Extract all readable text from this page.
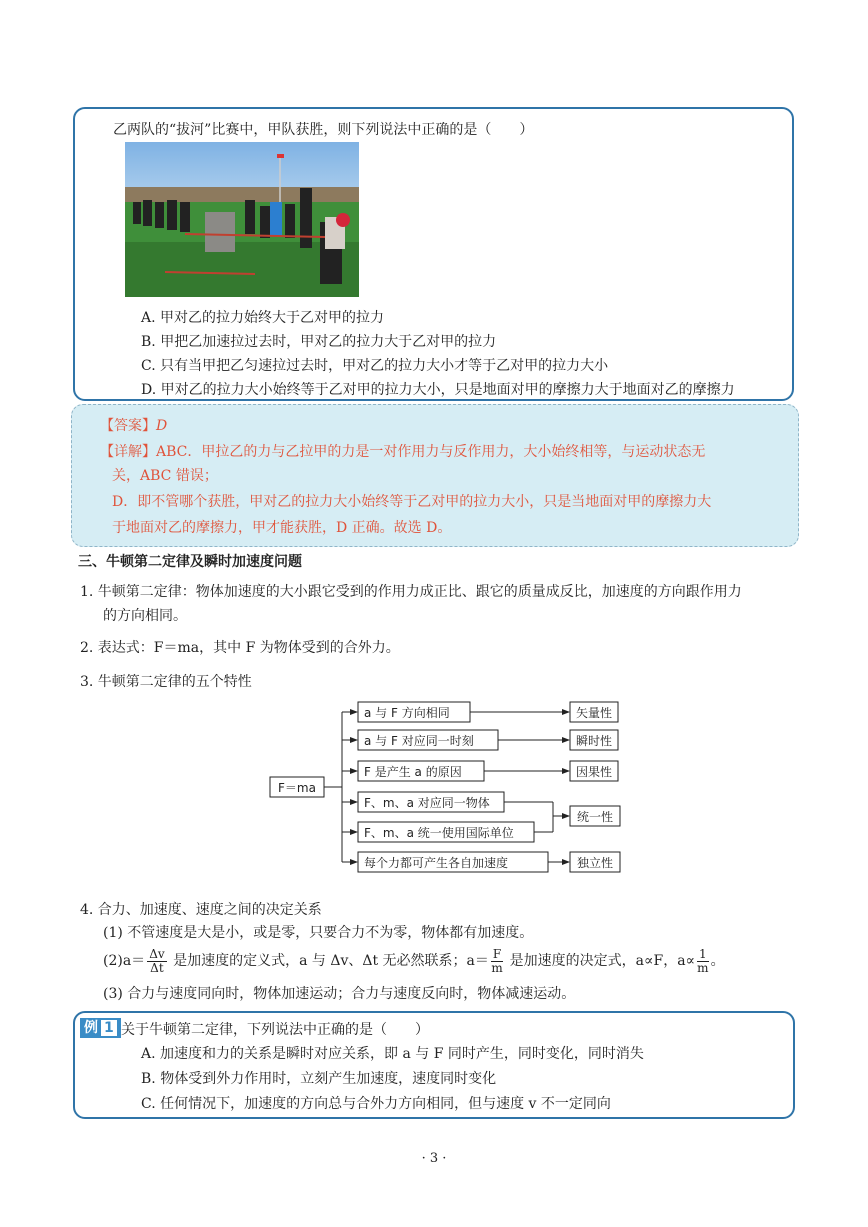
乙两队的“拔河”比赛中，甲队获胜，则下列说法中正确的是（　　）
A. 甲对乙的拉力始终大于乙对甲的拉力
B. 甲把乙加速拉过去时，甲对乙的拉力大于乙对甲的拉力
C. 只有当甲把乙匀速拉过去时，甲对乙的拉力大小才等于乙对甲的拉力大小
D. 甲对乙的拉力大小始终等于乙对甲的拉力大小，只是地面对甲的摩擦力大于地面对乙的摩擦力
【答案】D
【详解】ABC．甲拉乙的力与乙拉甲的力是一对作用力与反作用力，大小始终相等，与运动状态无
关，ABC 错误；
D．即不管哪个获胜，甲对乙的拉力大小始终等于乙对甲的拉力大小，只是当地面对甲的摩擦力大
于地面对乙的摩擦力，甲才能获胜，D 正确。故选 D。
三、牛顿第二定律及瞬时加速度问题
1. 牛顿第二定律：物体加速度的大小跟它受到的作用力成正比、跟它的质量成反比，加速度的方向跟作用力
的方向相同。
2. 表达式：F＝ma，其中 F 为物体受到的合外力。
3. 牛顿第二定律的五个特性
F＝ma
a 与 F 方向相同
a 与 F 对应同一时刻
F 是产生 a 的原因
F、m、a 对应同一物体
F、m、a 统一使用国际单位
每个力都可产生各自加速度
矢量性
瞬时性
因果性
统一性
独立性
4. 合力、加速度、速度之间的决定关系
(1) 不管速度是大是小，或是零，只要合力不为零，物体都有加速度。
$(2)a= \frac{\Delta v}{\Delta t}$ 是加速度的定义式，a 与 Δv、Δt 无必然联系；$a= \frac{F}{m}$ 是加速度的决定式，a∝F，$a\propto \frac{1}{m}$ 。
(3) 合力与速度同向时，物体加速运动；合力与速度反向时，物体减速运动。
例 1 关于牛顿第二定律，下列说法中正确的是（　　）
A. 加速度和力的关系是瞬时对应关系，即 a 与 F 同时产生，同时变化，同时消失
B. 物体受到外力作用时，立刻产生加速度，速度同时变化
C. 任何情况下，加速度的方向总与合外力方向相同，但与速度 v 不一定同向
· 3 ·
